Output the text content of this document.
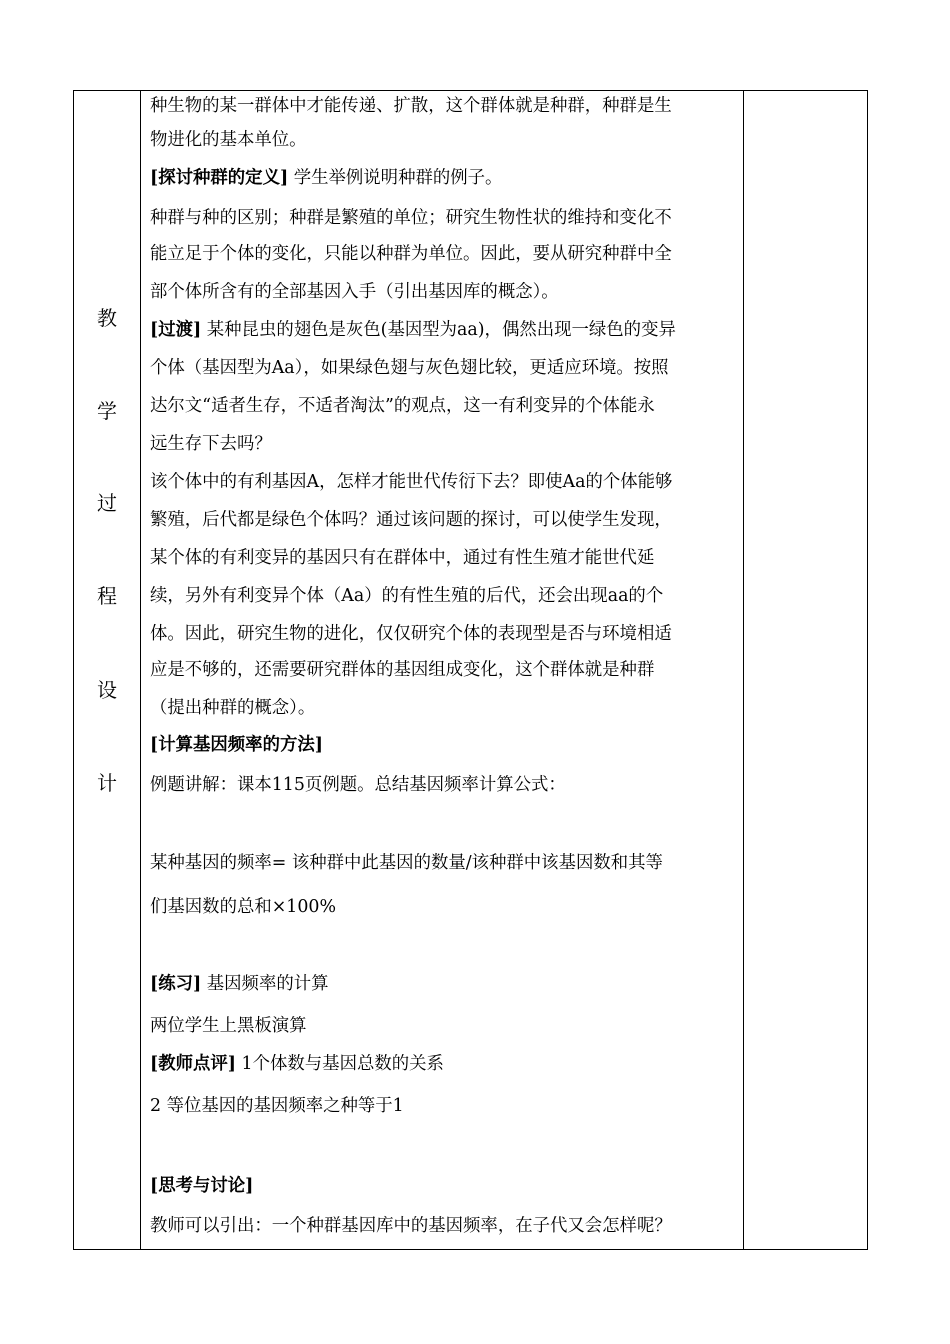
教
学
过
程
设
计
种生物的某一群体中才能传递、扩散，这个群体就是种群，种群是生
物进化的基本单位。
[探讨种群的定义] 学生举例说明种群的例子。
种群与种的区别；种群是繁殖的单位；研究生物性状的维持和变化不
能立足于个体的变化，只能以种群为单位。因此，要从研究种群中全
部个体所含有的全部基因入手（引出基因库的概念）。
[过渡] 某种昆虫的翅色是灰色(基因型为aa)，偶然出现一绿色的变异
个体（基因型为Aa），如果绿色翅与灰色翅比较，更适应环境。按照
达尔文“适者生存，不适者淘汰”的观点，这一有利变异的个体能永
远生存下去吗？
该个体中的有利基因A，怎样才能世代传衍下去？即使Aa的个体能够
繁殖，后代都是绿色个体吗？通过该问题的探讨，可以使学生发现，
某个体的有利变异的基因只有在群体中，通过有性生殖才能世代延
续，另外有利变异个体（Aa）的有性生殖的后代，还会出现aa的个
体。因此，研究生物的进化，仅仅研究个体的表现型是否与环境相适
应是不够的，还需要研究群体的基因组成变化，这个群体就是种群
（提出种群的概念）。
[计算基因频率的方法]
例题讲解：课本115页例题。总结基因频率计算公式：
某种基因的频率= 该种群中此基因的数量/该种群中该基因数和其等
们基因数的总和×100%
[练习] 基因频率的计算
两位学生上黑板演算
[教师点评] 1个体数与基因总数的关系
2 等位基因的基因频率之种等于1
[思考与讨论]
教师可以引出：一个种群基因库中的基因频率，在子代又会怎样呢？
